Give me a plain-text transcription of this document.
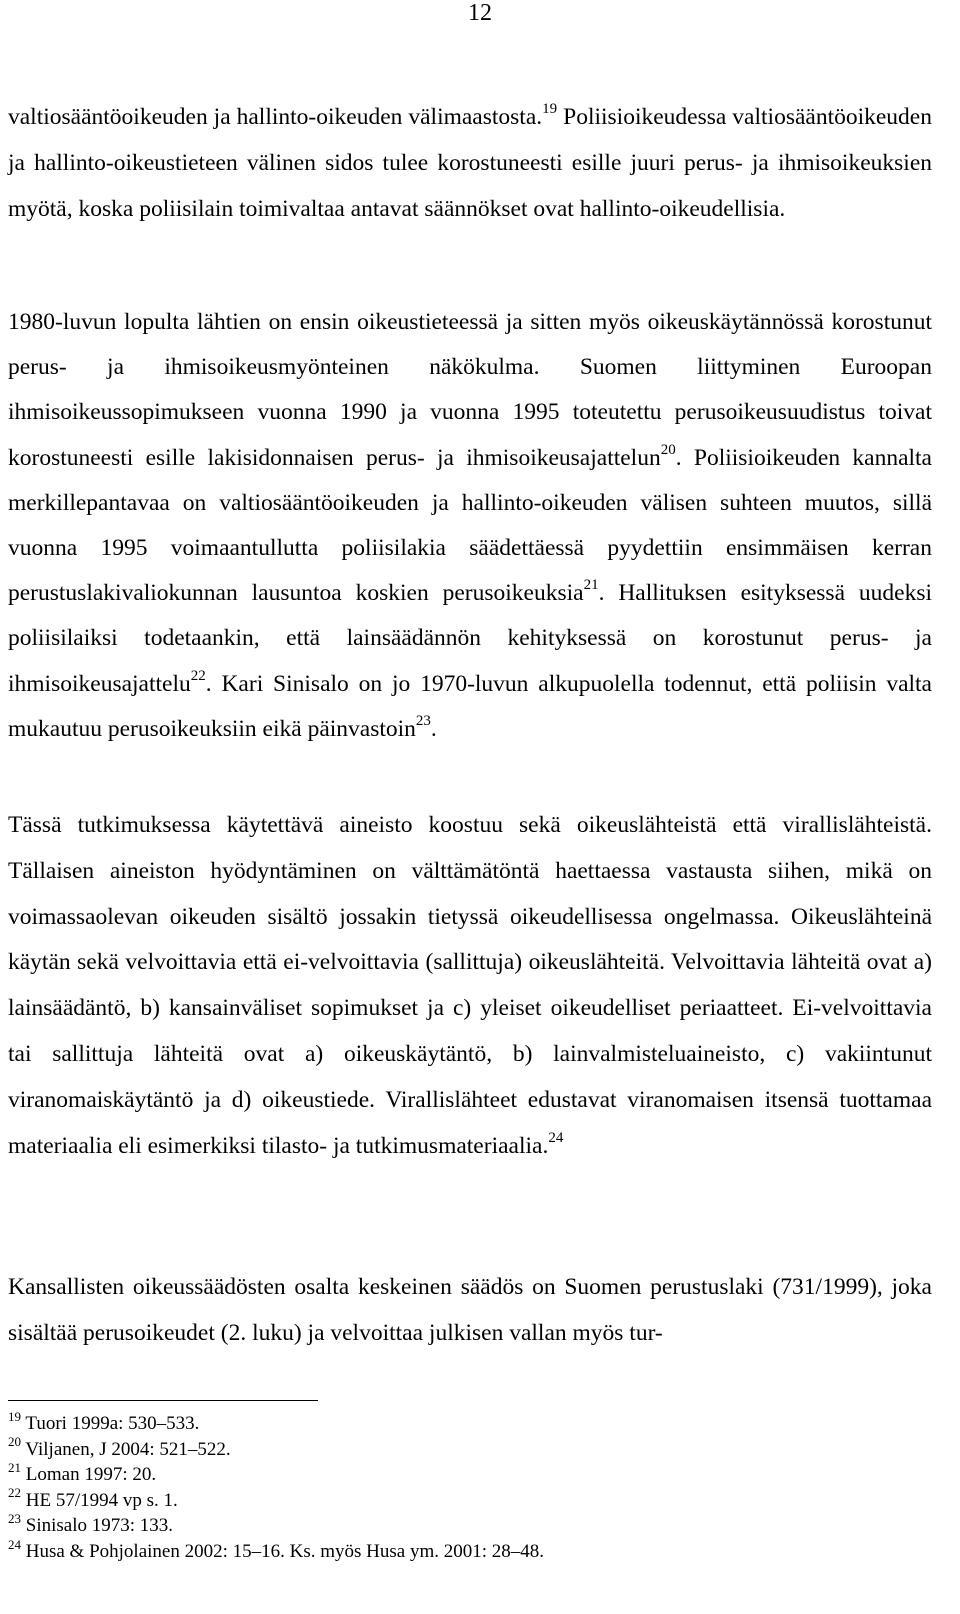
12

valtiosääntöoikeuden ja hallinto-oikeuden välimaastosta.$^{19}$ Poliisioikeudessa valtiosääntöoikeuden ja hallinto-oikeustieteen välinen sidos tulee korostuneesti esille juuri perus- ja ihmisoikeuksien myötä, koska poliisilain toimivaltaa antavat säännökset ovat hallinto-oikeudellisia.

1980-luvun lopulta lähtien on ensin oikeustieteessä ja sitten myös oikeuskäytännössä korostunut perus- ja ihmisoikeusmyönteinen näkökulma. Suomen liittyminen Euroopan ihmisoikeussopimukseen vuonna 1990 ja vuonna 1995 toteutettu perusoikeusuudistus toivat korostuneesti esille lakisidonnaisen perus- ja ihmisoikeusajattelun$^{20}$. Poliisioikeuden kannalta merkillepantavaa on valtiosääntöoikeuden ja hallinto-oikeuden välisen suhteen muutos, sillä vuonna 1995 voimaantullutta poliisilakia säädettäessä pyydettiin ensimmäisen kerran perustuslakivaliokunnan lausuntoa koskien perusoikeuksia$^{21}$. Hallituksen esityksessä uudeksi poliisilaiksi todetaankin, että lainsäädännön kehityksessä on korostunut perus- ja ihmisoikeusajattelu$^{22}$. Kari Sinisalo on jo 1970-luvun alkupuolella todennut, että poliisin valta mukautuu perusoikeuksiin eikä päinvastoin$^{23}$.

Tässä tutkimuksessa käytettävä aineisto koostuu sekä oikeuslähteistä että virallislähteistä. Tällaisen aineiston hyödyntäminen on välttämätöntä haettaessa vastausta siihen, mikä on voimassaolevan oikeuden sisältö jossakin tietyssä oikeudellisessa ongelmassa. Oikeuslähteinä käytän sekä velvoittavia että ei-velvoittavia (sallittuja) oikeuslähteitä. Velvoittavia lähteitä ovat a) lainsäädäntö, b) kansainväliset sopimukset ja c) yleiset oikeudelliset periaatteet. Ei-velvoittavia tai sallittuja lähteitä ovat a) oikeuskäytäntö, b) lainvalmisteluaineisto, c) vakiintunut viranomaiskäytäntö ja d) oikeustiede. Virallislähteet edustavat viranomaisen itsensä tuottamaa materiaalia eli esimerkiksi tilasto- ja tutkimusmateriaalia.$^{24}$

Kansallisten oikeussäädösten osalta keskeinen säädös on Suomen perustuslaki (731/1999), joka sisältää perusoikeudet (2. luku) ja velvoittaa julkisen vallan myös tur-

$^{19}$ Tuori 1999a: 530–533.
$^{20}$ Viljanen, J 2004: 521–522.
$^{21}$ Loman 1997: 20.
$^{22}$ HE 57/1994 vp s. 1.
$^{23}$ Sinisalo 1973: 133.
$^{24}$ Husa & Pohjolainen 2002: 15–16. Ks. myös Husa ym. 2001: 28–48.
